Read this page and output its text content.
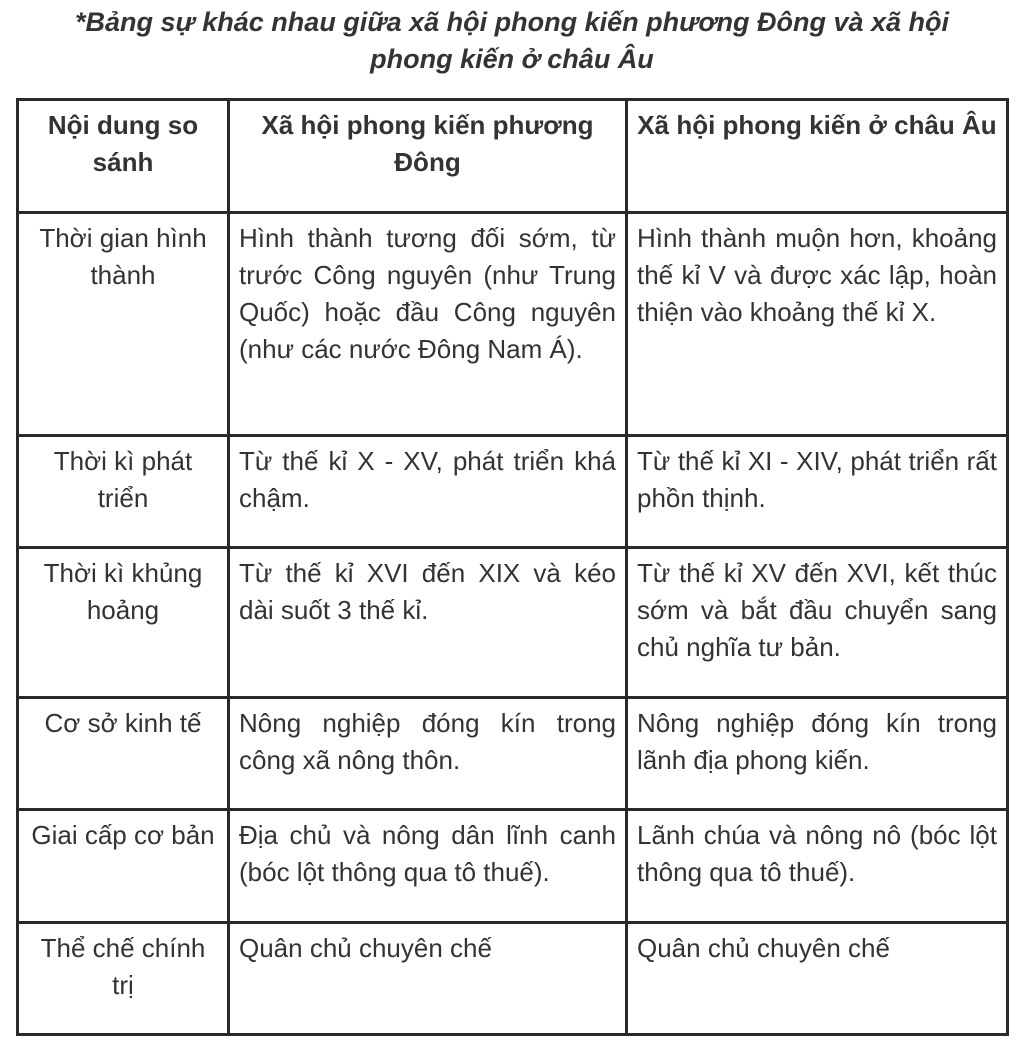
*Bảng sự khác nhau giữa xã hội phong kiến phương Đông và xã hội phong kiến ở châu Âu
Nội dung so sánh	Xã hội phong kiến phương Đông	Xã hội phong kiến ở châu Âu
Thời gian hình thành	Hình thành tương đối sớm, từ trước Công nguyên (như Trung Quốc) hoặc đầu Công nguyên (như các nước Đông Nam Á).	Hình thành muộn hơn, khoảng thế kỉ V và được xác lập, hoàn thiện vào khoảng thế kỉ X.
Thời kì phát triển	Từ thế kỉ X - XV, phát triển khá chậm.	Từ thế kỉ XI - XIV, phát triển rất phồn thịnh.
Thời kì khủng hoảng	Từ thế kỉ XVI đến XIX và kéo dài suốt 3 thế kỉ.	Từ thế kỉ XV đến XVI, kết thúc sớm và bắt đầu chuyển sang chủ nghĩa tư bản.
Cơ sở kinh tế	Nông nghiệp đóng kín trong công xã nông thôn.	Nông nghiệp đóng kín trong lãnh địa phong kiến.
Giai cấp cơ bản	Địa chủ và nông dân lĩnh canh (bóc lột thông qua tô thuế).	Lãnh chúa và nông nô (bóc lột thông qua tô thuế).
Thể chế chính trị	Quân chủ chuyên chế	Quân chủ chuyên chế
